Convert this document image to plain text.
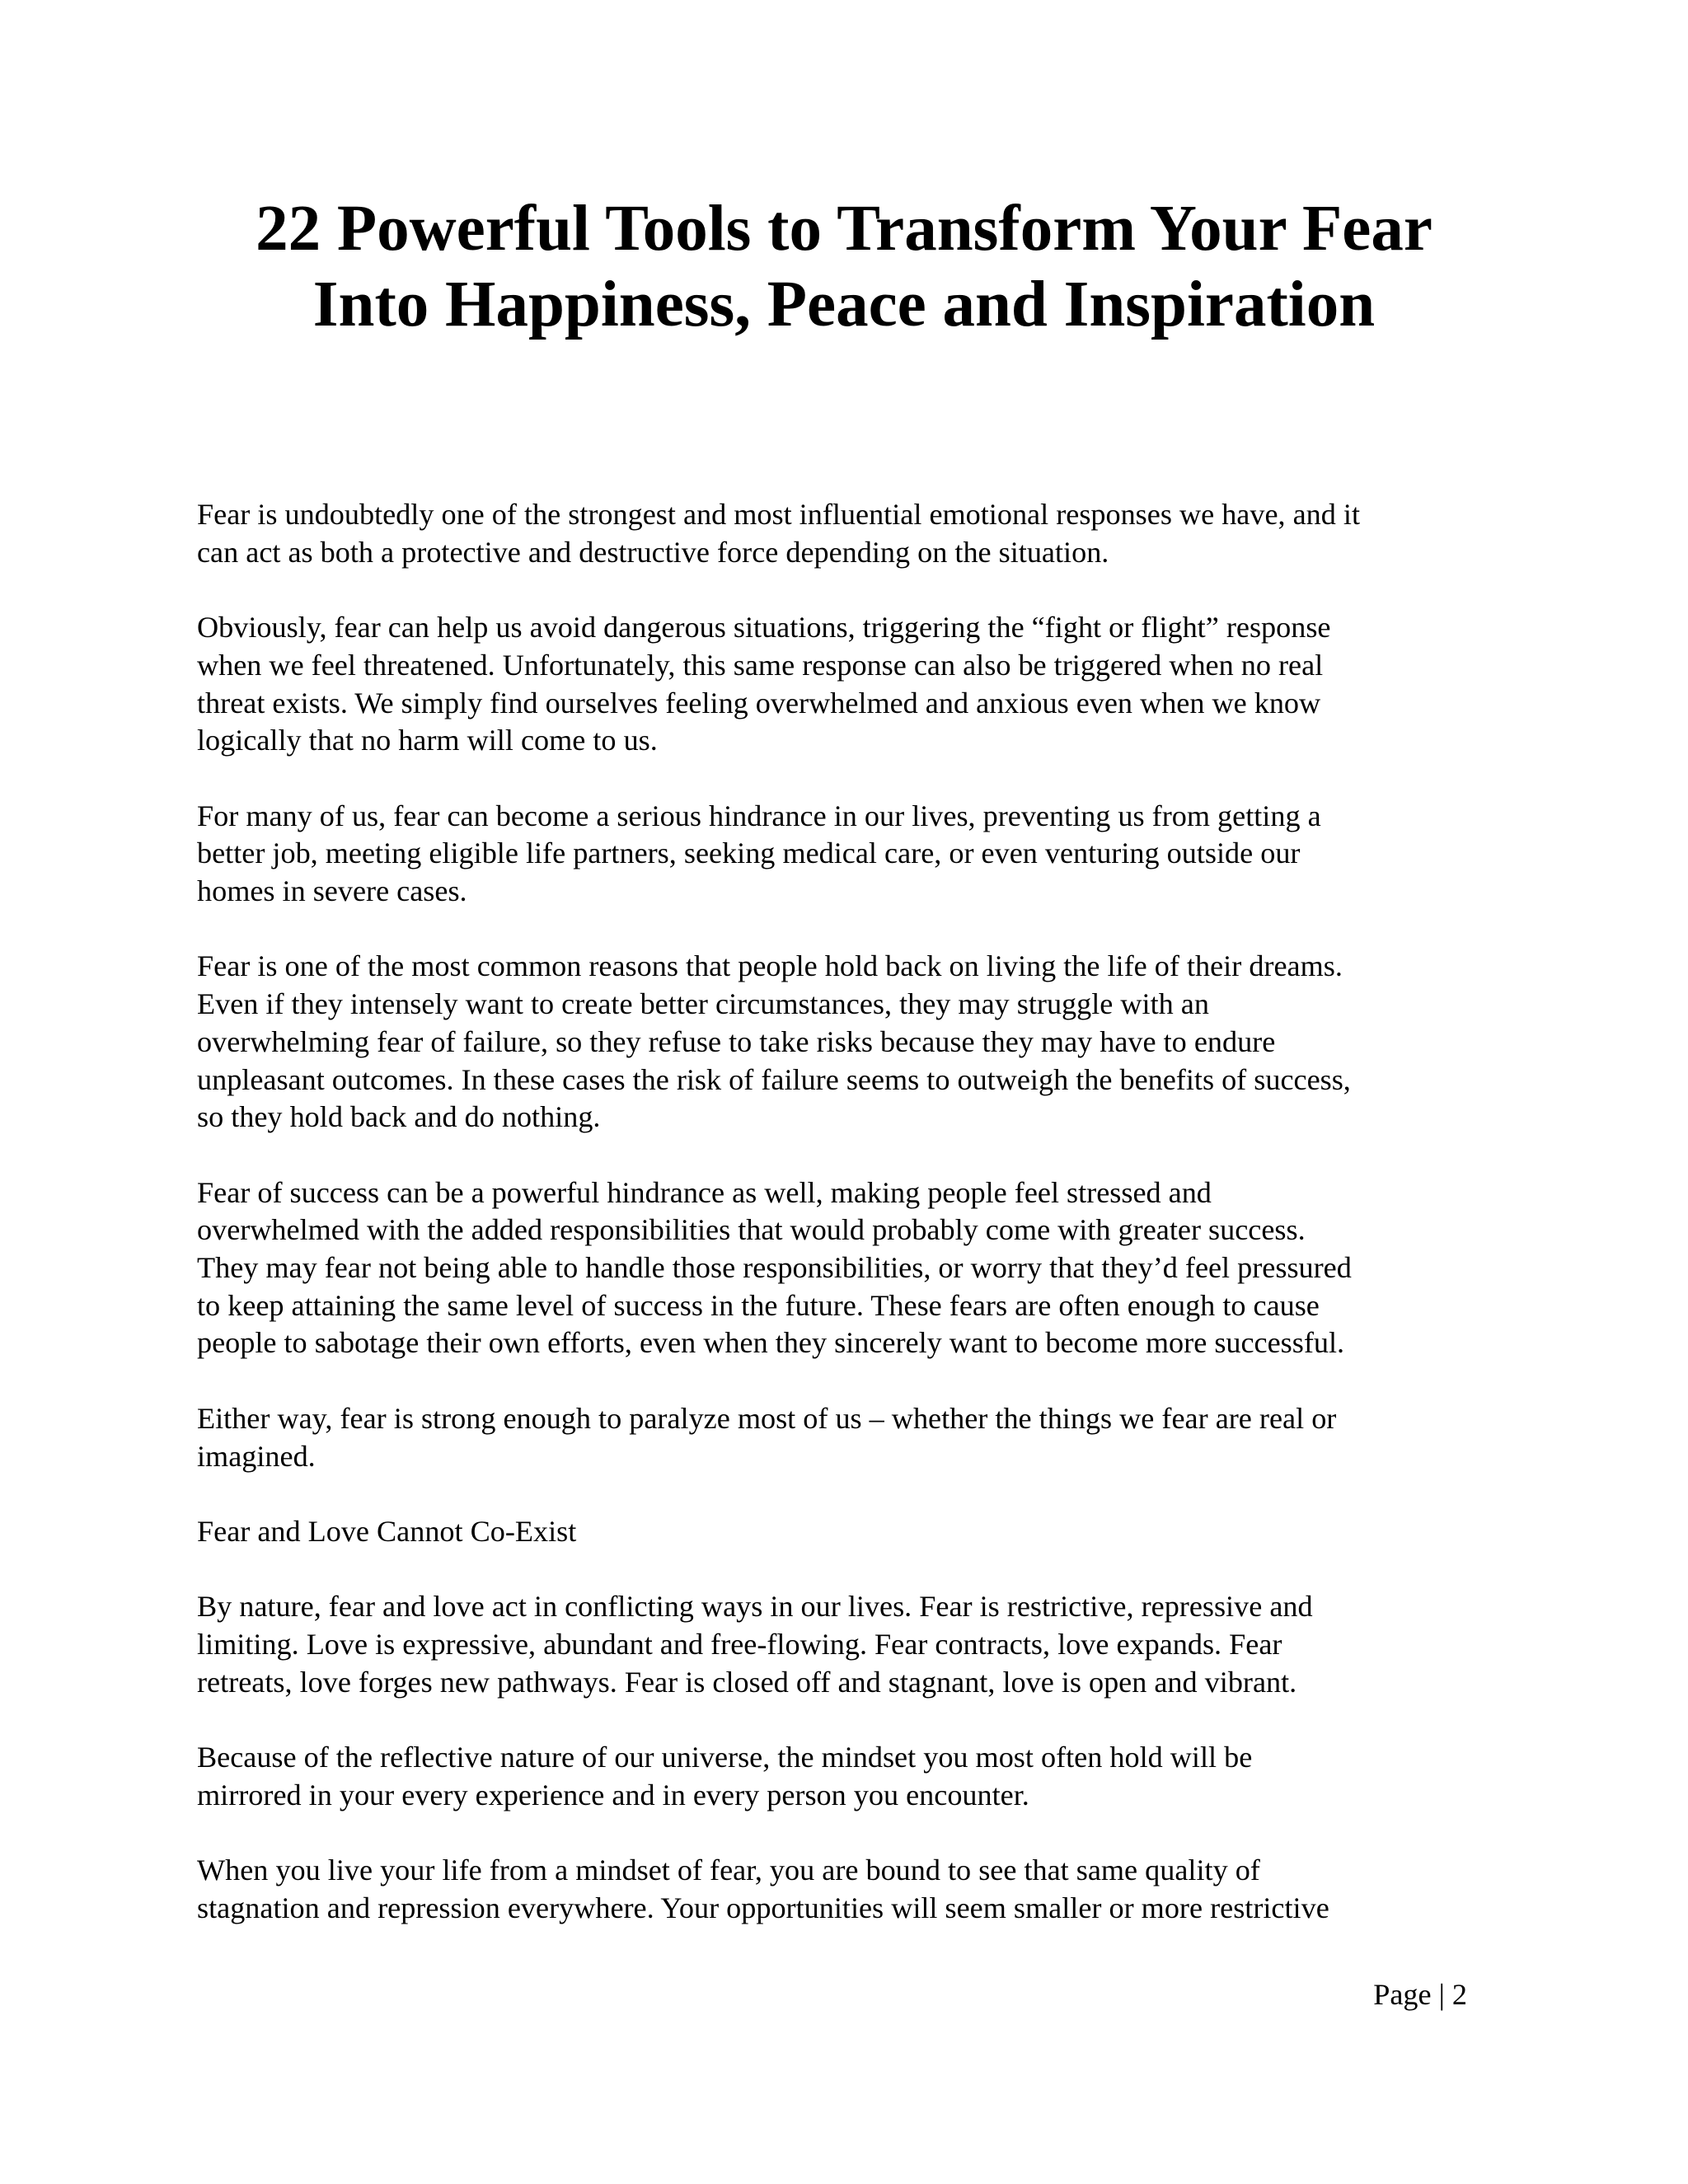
22 Powerful Tools to Transform Your Fear
Into Happiness, Peace and Inspiration

Fear is undoubtedly one of the strongest and most influential emotional responses we have, and it
can act as both a protective and destructive force depending on the situation.

Obviously, fear can help us avoid dangerous situations, triggering the “fight or flight” response
when we feel threatened. Unfortunately, this same response can also be triggered when no real
threat exists. We simply find ourselves feeling overwhelmed and anxious even when we know
logically that no harm will come to us.

For many of us, fear can become a serious hindrance in our lives, preventing us from getting a
better job, meeting eligible life partners, seeking medical care, or even venturing outside our
homes in severe cases.

Fear is one of the most common reasons that people hold back on living the life of their dreams.
Even if they intensely want to create better circumstances, they may struggle with an
overwhelming fear of failure, so they refuse to take risks because they may have to endure
unpleasant outcomes. In these cases the risk of failure seems to outweigh the benefits of success,
so they hold back and do nothing.

Fear of success can be a powerful hindrance as well, making people feel stressed and
overwhelmed with the added responsibilities that would probably come with greater success.
They may fear not being able to handle those responsibilities, or worry that they’d feel pressured
to keep attaining the same level of success in the future. These fears are often enough to cause
people to sabotage their own efforts, even when they sincerely want to become more successful.

Either way, fear is strong enough to paralyze most of us – whether the things we fear are real or
imagined.

Fear and Love Cannot Co-Exist

By nature, fear and love act in conflicting ways in our lives. Fear is restrictive, repressive and
limiting. Love is expressive, abundant and free-flowing. Fear contracts, love expands. Fear
retreats, love forges new pathways. Fear is closed off and stagnant, love is open and vibrant.

Because of the reflective nature of our universe, the mindset you most often hold will be
mirrored in your every experience and in every person you encounter.

When you live your life from a mindset of fear, you are bound to see that same quality of
stagnation and repression everywhere. Your opportunities will seem smaller or more restrictive

Page | 2
